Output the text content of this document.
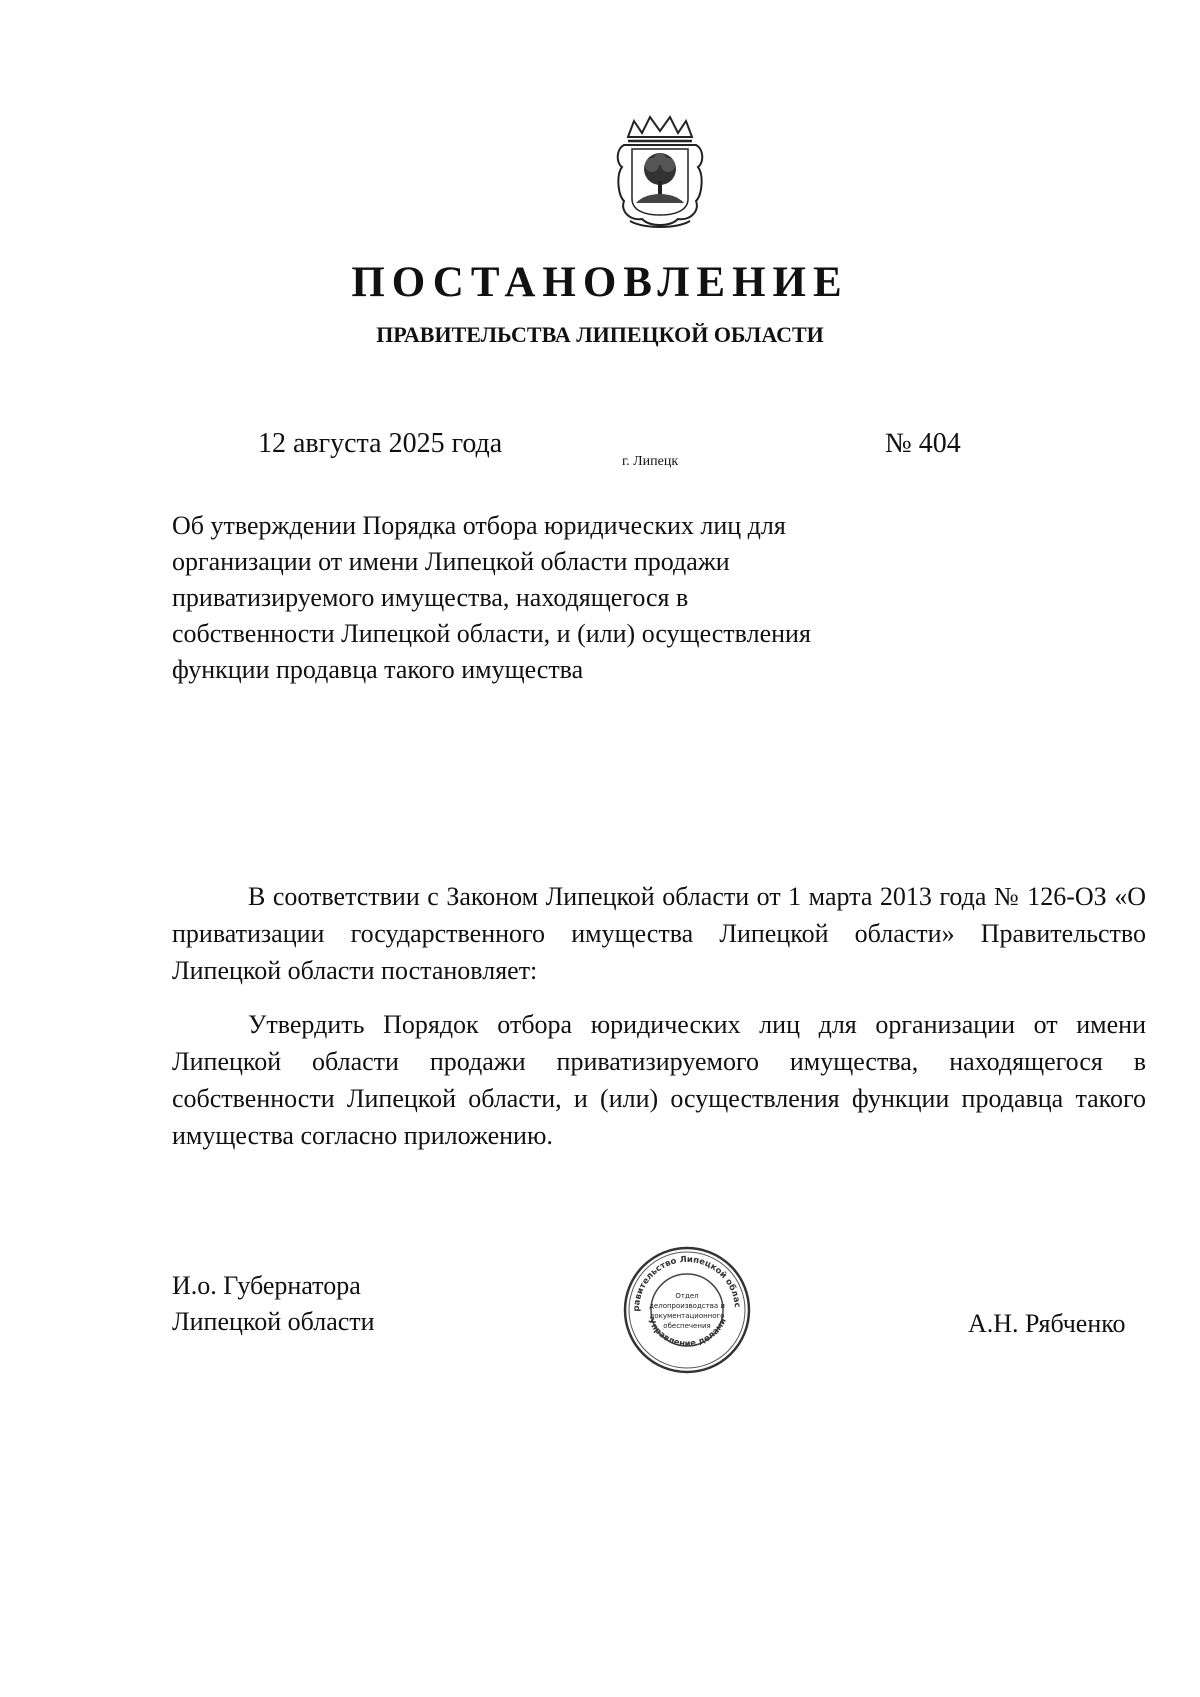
ПОСТАНОВЛЕНИЕ
ПРАВИТЕЛЬСТВА ЛИПЕЦКОЙ ОБЛАСТИ
12 августа 2025 года
г. Липецк
№ 404
Об утверждении Порядка отбора юридических лиц для организации от имени Липецкой области продажи приватизируемого имущества, находящегося в собственности Липецкой области, и (или) осуществления функции продавца такого имущества

В соответствии с Законом Липецкой области от 1 марта 2013 года № 126-ОЗ «О приватизации государственного имущества Липецкой области» Правительство Липецкой области постановляет:

Утвердить Порядок отбора юридических лиц для организации от имени Липецкой области продажи приватизируемого имущества, находящегося в собственности Липецкой области, и (или) осуществления функции продавца такого имущества согласно приложению.

И.о. Губернатора
Липецкой области	А.Н. Рябченко
равительство Липецкой облас
Управление делами
Отдел
делопроизводства и
документационного
обеспечения
